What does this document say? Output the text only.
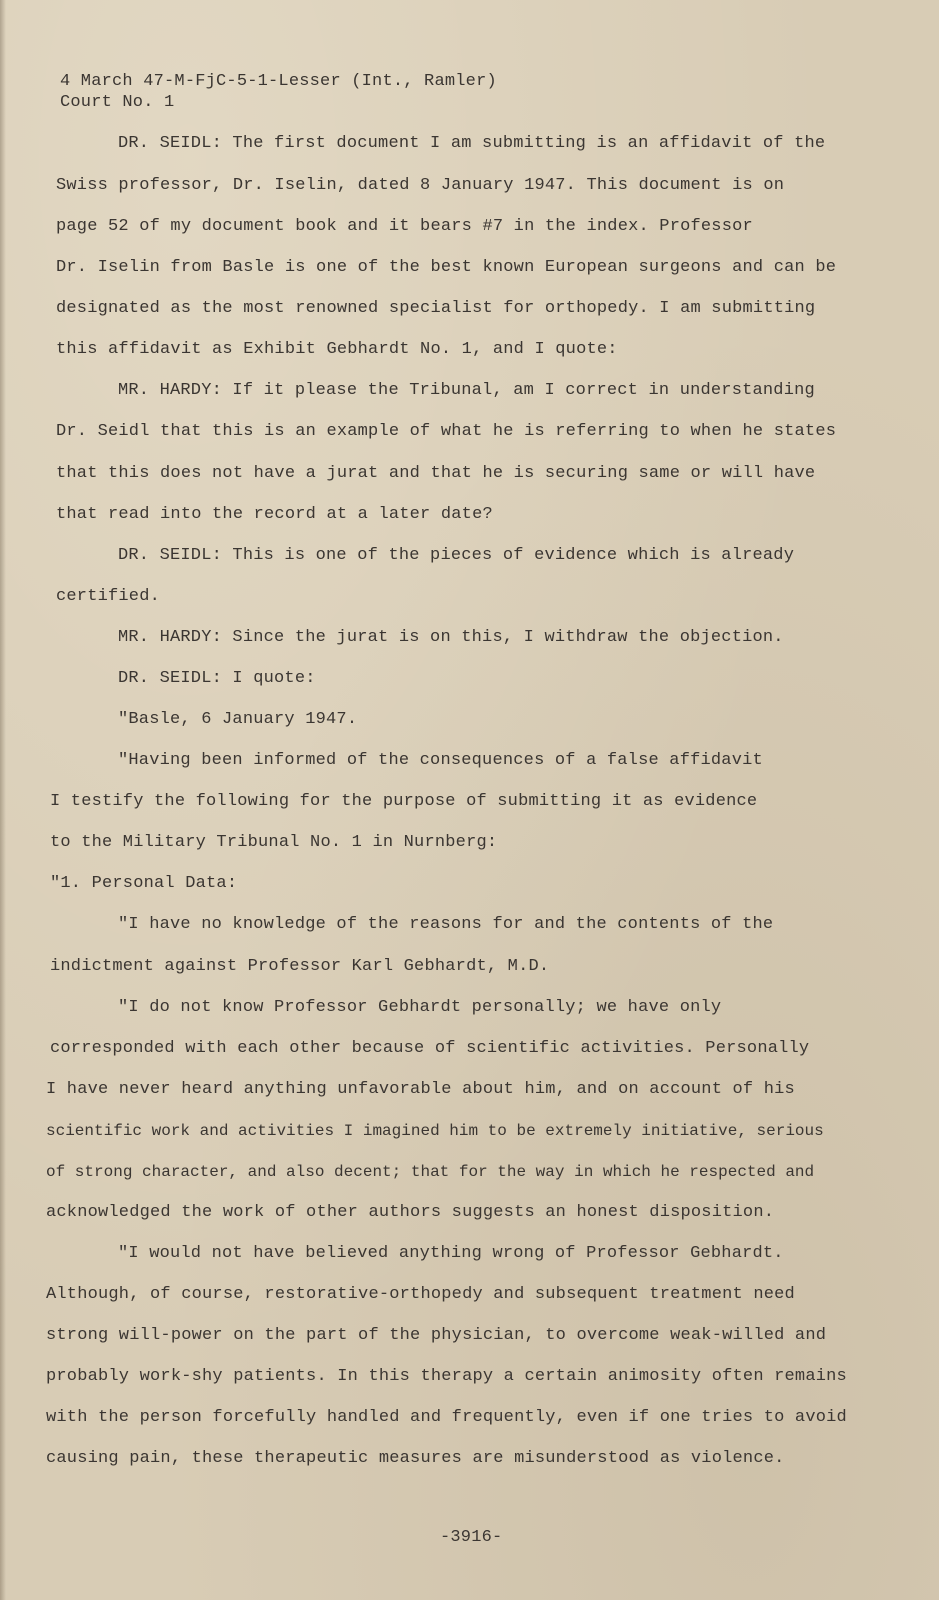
4 March 47-M-FjC-5-1-Lesser (Int., Ramler)
Court No. 1
DR. SEIDL: The first document I am submitting is an affidavit of the
Swiss professor, Dr. Iselin, dated 8 January 1947. This document is on
page 52 of my document book and it bears #7 in the index. Professor
Dr. Iselin from Basle is one of the best known European surgeons and can be
designated as the most renowned specialist for orthopedy. I am submitting
this affidavit as Exhibit Gebhardt No. 1, and I quote:
MR. HARDY: If it please the Tribunal, am I correct in understanding
Dr. Seidl that this is an example of what he is referring to when he states
that this does not have a jurat and that he is securing same or will have
that read into the record at a later date?
DR. SEIDL: This is one of the pieces of evidence which is already
certified.
MR. HARDY: Since the jurat is on this, I withdraw the objection.
DR. SEIDL: I quote:
"Basle, 6 January 1947.
"Having been informed of the consequences of a false affidavit
I testify the following for the purpose of submitting it as evidence
to the Military Tribunal No. 1 in Nurnberg:
"1. Personal Data:
"I have no knowledge of the reasons for and the contents of the
indictment against Professor Karl Gebhardt, M.D.
"I do not know Professor Gebhardt personally; we have only
corresponded with each other because of scientific activities. Personally
I have never heard anything unfavorable about him, and on account of his
scientific work and activities I imagined him to be extremely initiative, serious
of strong character, and also decent; that for the way in which he respected and
acknowledged the work of other authors suggests an honest disposition.
"I would not have believed anything wrong of Professor Gebhardt.
Although, of course, restorative-orthopedy and subsequent treatment need
strong will-power on the part of the physician, to overcome weak-willed and
probably work-shy patients. In this therapy a certain animosity often remains
with the person forcefully handled and frequently, even if one tries to avoid
causing pain, these therapeutic measures are misunderstood as violence.
-3916-
